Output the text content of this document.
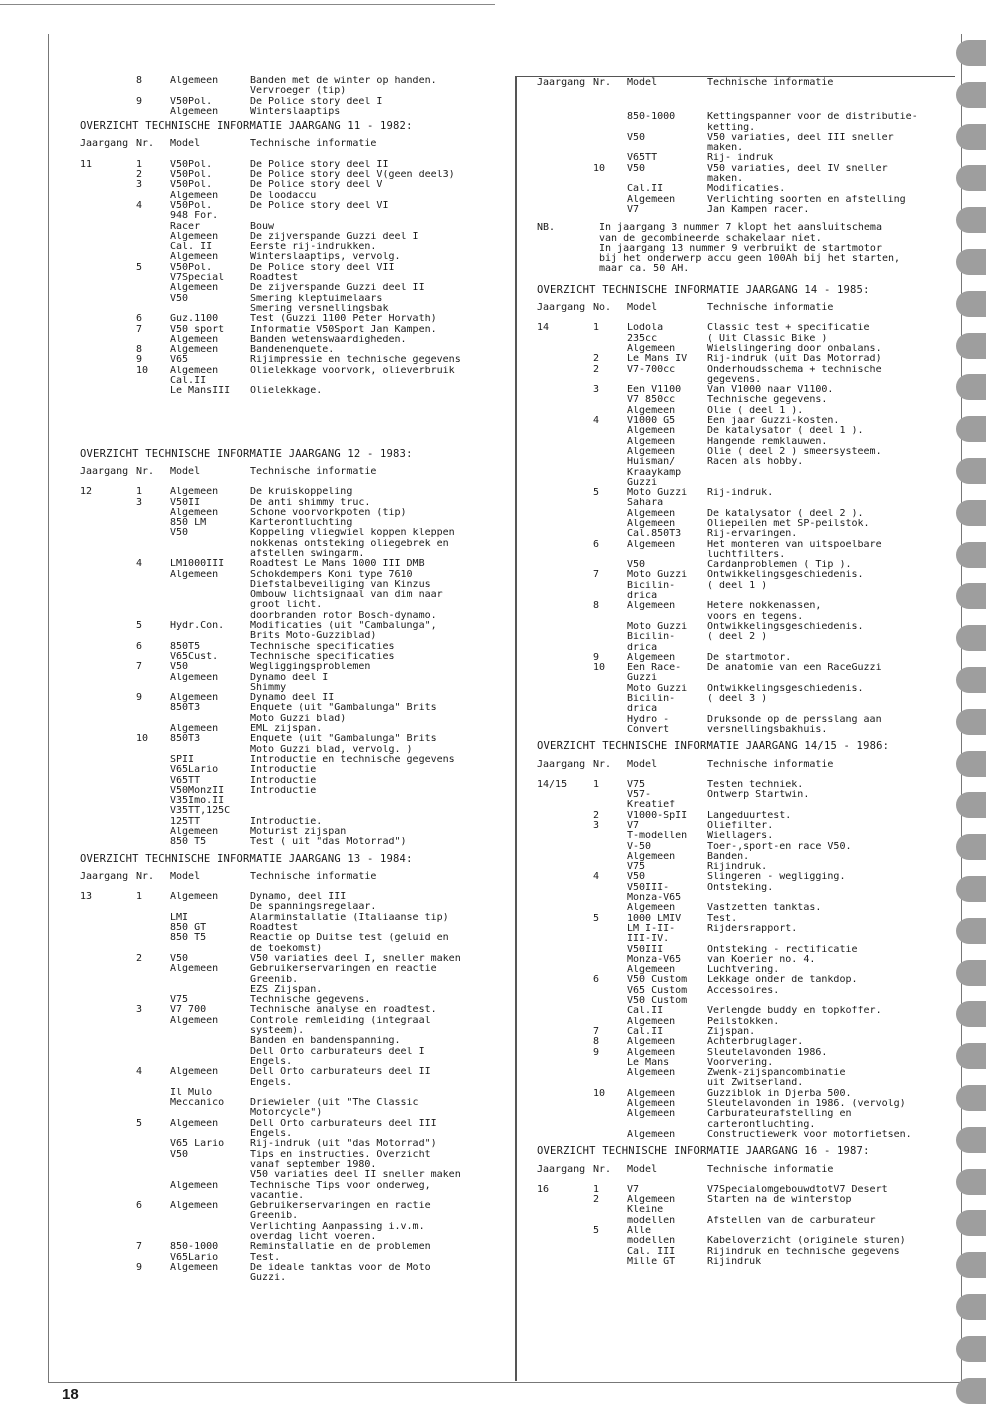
8	Algemeen	Banden met de winter op handen.
Vervroeger (tip)
9	V50Pol.	De Police story deel I
Algemeen	Winterslaaptips
OVERZICHT TECHNISCHE INFORMATIE JAARGANG 11 - 1982:
Jaargang Nr.	Model	Technische informatie
11	1	V50Pol.	De Police story deel II
2	V50Pol.	De Police story deel V(geen deel3)
3	V50Pol.	De Police story deel V
Algemeen	De loodaccu
4	V50Pol.	De Police story deel VI
948 For.
Racer	Bouw
Algemeen	De zijverspande Guzzi deel I
Cal. II	Eerste rij-indrukken.
Algemeen	Winterslaaptips, vervolg.
5	V50Pol.	De Police story deel VII
V7Special	Roadtest
Algemeen	De zijverspande Guzzi deel II
V50	Smering kleptuimelaars
Smering versnellingsbak
6	Guz.1100	Test (Guzzi 1100 Peter Horvath)
7	V50 sport	Informatie V50Sport Jan Kampen.
Algemeen	Banden wetenswaardigheden.
8	Algemeen	Bandenenquete.
9	V65	Rijimpressie en technische gegevens
10	Algemeen	Olielekkage voorvork, olieverbruik
Cal.II
Le MansIII	Olielekkage.
OVERZICHT TECHNISCHE INFORMATIE JAARGANG 12 - 1983:
Jaargang Nr.	Model	Technische informatie
12	1	Algemeen	De kruiskoppeling
3	V50II	De anti shimmy truc.
Algemeen	Schone voorvorkpoten (tip)
850 LM	Karterontluchting
V50	Koppeling vliegwiel koppen kleppen
nokkenas ontsteking oliegebrek en
afstellen swingarm.
4	LM1000III	Roadtest Le Mans 1000 III DMB
Algemeen	Schokdempers Koni type 7610
Diefstalbeveiliging van Kinzus
Ombouw lichtsignaal van dim naar
groot licht.
doorbranden rotor Bosch-dynamo.
5	Hydr.Con.	Modificaties (uit "Cambalunga",
Brits Moto-Guzziblad)
6	850T5	Technische specificaties
V65Cust.	Technische specificaties
7	V50	Wegliggingsproblemen
Algemeen	Dynamo deel I
Shimmy
9	Algemeen	Dynamo deel II
850T3	Enquete (uit "Gambalunga" Brits
Moto Guzzi blad)
Algemeen	EML zijspan.
10	850T3	Enquete (uit "Gambalunga" Brits
Moto Guzzi blad, vervolg. )
SPII	Introductie en technische gegevens
V65Lario	Introductie
V65TT	Introductie
V50MonzII	Introductie
V35Imo.II
V35TT,125C
125TT	Introductie.
Algemeen	Moturist zijspan
850 T5	Test ( uit "das Motorrad")
OVERZICHT TECHNISCHE INFORMATIE JAARGANG 13 - 1984:
Jaargang Nr.	Model	Technische informatie
13	1	Algemeen	Dynamo, deel III
De spanningsregelaar.
LMI	Alarminstallatie (Italiaanse tip)
850 GT	Roadtest
850 T5	Reactie op Duitse test (geluid en
de toekomst)
2	V50	V50 variaties deel I, sneller maken
Algemeen	Gebruikerservaringen en reactie
Greenib.
EZS Zijspan.
V75	Technische gegevens.
3	V7 700	Technische analyse en roadtest.
Algemeen	Controle remleiding (integraal
systeem).
Banden en bandenspanning.
Dell Orto carburateurs deel I
Engels.
4	Algemeen	Dell Orto carburateurs deel II
Engels.
Il Mulo
Meccanico	Driewieler (uit "The Classic
Motorcycle")
5	Algemeen	Dell Orto carburateurs deel III
Engels.
V65 Lario	Rij-indruk (uit "das Motorrad")
V50	Tips en instructies. Overzicht
vanaf september 1980.
V50 variaties deel II sneller maken
Algemeen	Technische Tips voor onderweg,
vacantie.
6	Algemeen	Gebruikerservaringen en ractie
Greenib.
Verlichting Aanpassing i.v.m.
overdag licht voeren.
7	850-1000	Reminstallatie en de problemen
V65Lario	Test.
9	Algemeen	De ideale tanktas voor de Moto
Guzzi.
Jaargang Nr.	Model	Technische informatie
850-1000	Kettingspanner voor de distributie-
ketting.
V50	V50 variaties, deel III sneller
maken.
V65TT	Rij- indruk
10	V50	V50 variaties, deel IV sneller
maken.
Cal.II	Modificaties.
Algemeen	Verlichting soorten en afstelling
V7	Jan Kampen racer.
NB.	In jaargang 3 nummer 7 klopt het aansluitschema
van de gecombineerde schakelaar niet.
In jaargang 13 nummer 9 verbruikt de startmotor
bij het onderwerp accu geen 100Ah bij het starten,
maar ca. 50 AH.
OVERZICHT TECHNISCHE INFORMATIE JAARGANG 14 - 1985:
Jaargang No.	Model	Technische informatie
14	1	Lodola	Classic test + specificatie
235cc	( Uit Classic Bike )
Algemeen	Wielslingering door onbalans.
2	Le Mans IV	Rij-indruk (uit Das Motorrad)
2	V7-700cc	Onderhoudsschema + technische
gegevens.
3	Een V1100	Van V1000 naar V1100.
V7 850cc	Technische gegevens.
Algemeen	Olie ( deel 1 ).
4	V1000 G5	Een jaar Guzzi-kosten.
Algemeen	De katalysator ( deel 1 ).
Algemeen	Hangende remklauwen.
Algemeen	Olie ( deel 2 ) smeersysteem.
Huisman/	Racen als hobby.
Kraaykamp
Guzzi
5	Moto Guzzi	Rij-indruk.
Sahara
Algemeen	De katalysator ( deel 2 ).
Algemeen	Oliepeilen met SP-peilstok.
Cal.850T3	Rij-ervaringen.
6	Algemeen	Het monteren van uitspoelbare
luchtfilters.
V50	Cardanproblemen ( Tip ).
7	Moto Guzzi	Ontwikkelingsgeschiedenis.
Bicilin-	( deel 1 )
drica
8	Algemeen	Hetere nokkenassen,
voors en tegens.
Moto Guzzi	Ontwikkelingsgeschiedenis.
Bicilin-	( deel 2 )
drica
9	Algemeen	De startmotor.
10	Een Race-	De anatomie van een RaceGuzzi
Guzzi
Moto Guzzi	Ontwikkelingsgeschiedenis.
Bicilin-	( deel 3 )
drica
Hydro -	Druksonde op de persslang aan
Convert	versnellingsbakhuis.
OVERZICHT TECHNISCHE INFORMATIE JAARGANG 14/15 - 1986:
Jaargang Nr.	Model	Technische informatie
14/15	1	V75	Testen techniek.
V57-	Ontwerp Startwin.
Kreatief
2	V1000-SpII	Langeduurtest.
3	V7	Oliefilter.
T-modellen	Wiellagers.
V-50	Toer-,sport-en race V50.
Algemeen	Banden.
V75	Rijindruk.
4	V50	Slingeren - wegligging.
V50III-	Ontsteking.
Monza-V65
Algemeen	Vastzetten tanktas.
5	1000 LMIV	Test.
LM I-II-	Rijdersrapport.
III-IV.
V50III	Ontsteking - rectificatie
Monza-V65	van Koerier no. 4.
Algemeen	Luchtvering.
6	V50 Custom	Lekkage onder de tankdop.
V65 Custom	Accessoires.
V50 Custom
Cal.II	Verlengde buddy en topkoffer.
Algemeen	Peilstokken.
7	Cal.II	Zijspan.
8	Algemeen	Achterbruglager.
9	Algemeen	Sleutelavonden 1986.
Le Mans	Voorvering.
Algemeen	Zwenk-zijspancombinatie
uit Zwitserland.
10	Algemeen	Guzziblok in Djerba 500.
Algemeen	Sleutelavonden in 1986. (vervolg)
Algemeen	Carburateurafstelling en
carterontluchting.
Algemeen	Constructiewerk voor motorfietsen.
OVERZICHT TECHNISCHE INFORMATIE JAARGANG 16 - 1987:
Jaargang Nr.	Model	Technische informatie
16	1	V7	V7SpecialomgebouwdtotV7 Desert
2	Algemeen	Starten na de winterstop
Kleine
modellen	Afstellen van de carburateur
5	Alle
modellen	Kabeloverzicht (originele sturen)
Cal. III	Rijindruk en technische gegevens
Mille GT	Rijindruk
18
